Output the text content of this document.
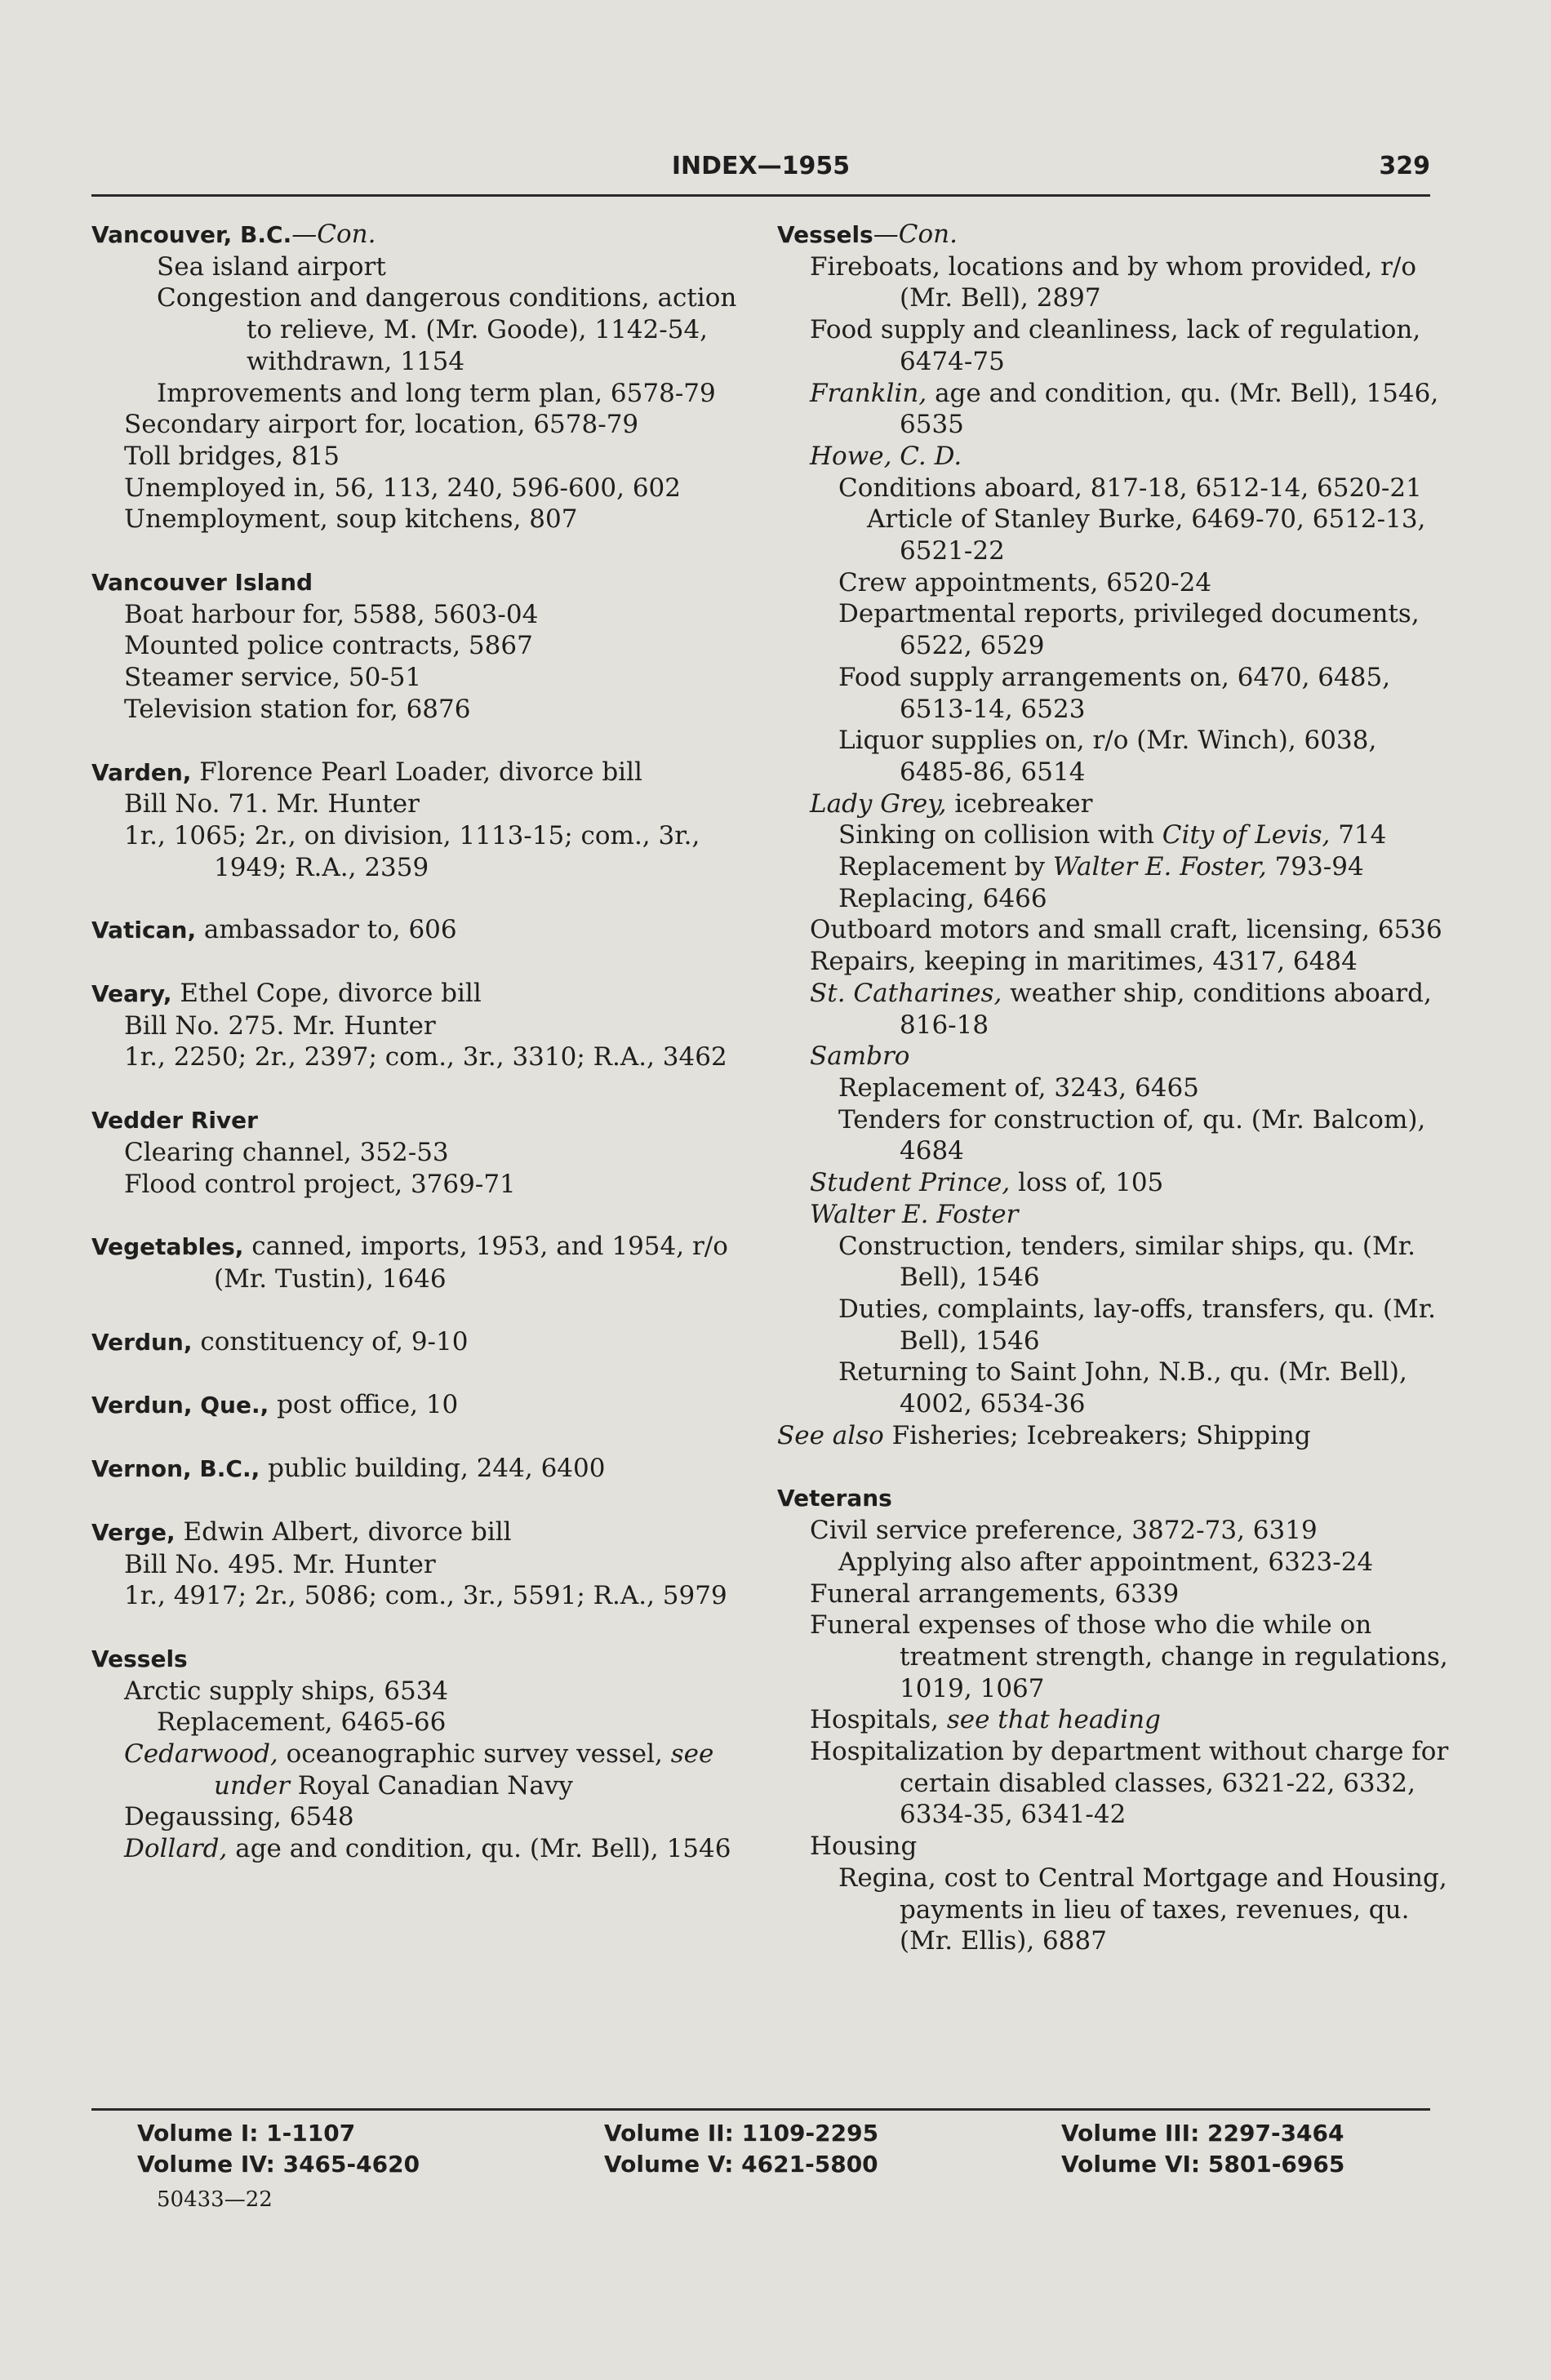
INDEX—1955	329

Vancouver, B.C.—Con.

Sea island airport

Congestion and dangerous conditions, action to relieve, M. (Mr. Goode), 1142-54, withdrawn, 1154

Improvements and long term plan, 6578-79

Secondary airport for, location, 6578-79

Toll bridges, 815

Unemployed in, 56, 113, 240, 596-600, 602

Unemployment, soup kitchens, 807

Vancouver Island

Boat harbour for, 5588, 5603-04

Mounted police contracts, 5867

Steamer service, 50-51

Television station for, 6876

Varden, Florence Pearl Loader, divorce bill

Bill No. 71. Mr. Hunter

1r., 1065; 2r., on division, 1113-15; com., 3r., 1949; R.A., 2359

Vatican, ambassador to, 606

Veary, Ethel Cope, divorce bill

Bill No. 275. Mr. Hunter

1r., 2250; 2r., 2397; com., 3r., 3310; R.A., 3462

Vedder River

Clearing channel, 352-53

Flood control project, 3769-71

Vegetables, canned, imports, 1953, and 1954, r/o (Mr. Tustin), 1646

Verdun, constituency of, 9-10

Verdun, Que., post office, 10

Vernon, B.C., public building, 244, 6400

Verge, Edwin Albert, divorce bill

Bill No. 495. Mr. Hunter

1r., 4917; 2r., 5086; com., 3r., 5591; R.A., 5979

Vessels

Arctic supply ships, 6534

Replacement, 6465-66

Cedarwood, oceanographic survey vessel, see under Royal Canadian Navy

Degaussing, 6548

Dollard, age and condition, qu. (Mr. Bell), 1546

Vessels—Con.

Fireboats, locations and by whom provided, r/o (Mr. Bell), 2897

Food supply and cleanliness, lack of regulation, 6474-75

Franklin, age and condition, qu. (Mr. Bell), 1546, 6535

Howe, C. D.

Conditions aboard, 817-18, 6512-14, 6520-21

Article of Stanley Burke, 6469-70, 6512-13, 6521-22

Crew appointments, 6520-24

Departmental reports, privileged documents, 6522, 6529

Food supply arrangements on, 6470, 6485, 6513-14, 6523

Liquor supplies on, r/o (Mr. Winch), 6038, 6485-86, 6514

Lady Grey, icebreaker

Sinking on collision with City of Levis, 714

Replacement by Walter E. Foster, 793-94

Replacing, 6466

Outboard motors and small craft, licensing, 6536

Repairs, keeping in maritimes, 4317, 6484

St. Catharines, weather ship, conditions aboard, 816-18

Sambro

Replacement of, 3243, 6465

Tenders for construction of, qu. (Mr. Balcom), 4684

Student Prince, loss of, 105

Walter E. Foster

Construction, tenders, similar ships, qu. (Mr. Bell), 1546

Duties, complaints, lay-offs, transfers, qu. (Mr. Bell), 1546

Returning to Saint John, N.B., qu. (Mr. Bell), 4002, 6534-36

See also Fisheries; Icebreakers; Shipping

Veterans

Civil service preference, 3872-73, 6319

Applying also after appointment, 6323-24

Funeral arrangements, 6339

Funeral expenses of those who die while on treatment strength, change in regulations, 1019, 1067

Hospitals, see that heading

Hospitalization by department without charge for certain disabled classes, 6321-22, 6332, 6334-35, 6341-42

Housing

Regina, cost to Central Mortgage and Housing, payments in lieu of taxes, revenues, qu. (Mr. Ellis), 6887

Volume I: 1-1107	Volume II: 1109-2295	Volume III: 2297-3464
Volume IV: 3465-4620	Volume V: 4621-5800	Volume VI: 5801-6965
50433—22
